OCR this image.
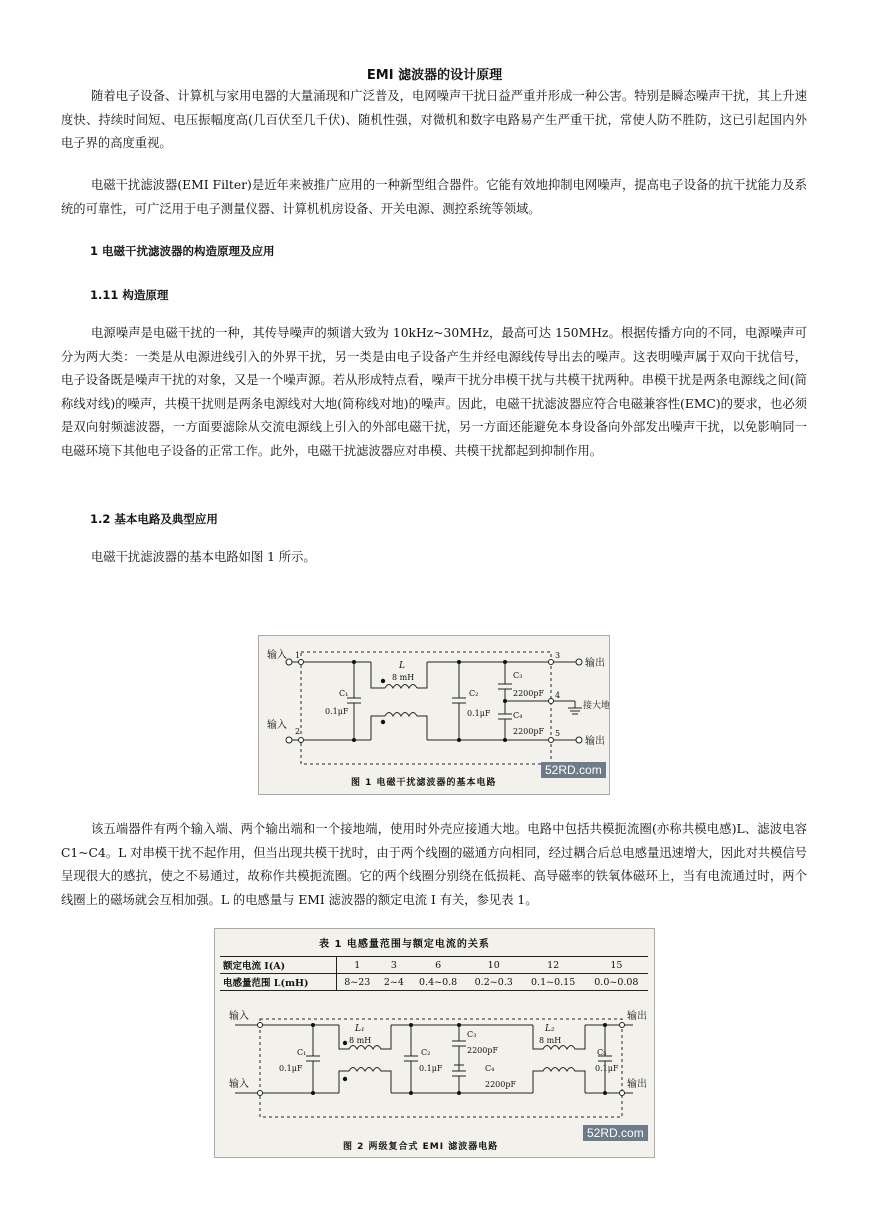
EMI 滤波器的设计原理

随着电子设备、计算机与家用电器的大量涌现和广泛普及，电网噪声干扰日益严重并形成一种公害。特别是瞬态噪声干扰，其上升速度快、持续时间短、电压振幅度高(几百伏至几千伏)、随机性强，对微机和数字电路易产生严重干扰，常使人防不胜防，这已引起国内外电子界的高度重视。

电磁干扰滤波器(EMI Filter)是近年来被推广应用的一种新型组合器件。它能有效地抑制电网噪声，提高电子设备的抗干扰能力及系统的可靠性，可广泛用于电子测量仪器、计算机机房设备、开关电源、测控系统等领域。

1 电磁干扰滤波器的构造原理及应用
1.11 构造原理

电源噪声是电磁干扰的一种，其传导噪声的频谱大致为 10kHz~30MHz，最高可达 150MHz。根据传播方向的不同，电源噪声可分为两大类：一类是从电源进线引入的外界干扰，另一类是由电子设备产生并经电源线传导出去的噪声。这表明噪声属于双向干扰信号，电子设备既是噪声干扰的对象，又是一个噪声源。若从形成特点看，噪声干扰分串模干扰与共模干扰两种。串模干扰是两条电源线之间(简称线对线)的噪声，共模干扰则是两条电源线对大地(简称线对地)的噪声。因此，电磁干扰滤波器应符合电磁兼容性(EMC)的要求，也必须是双向射频滤波器，一方面要滤除从交流电源线上引入的外部电磁干扰，另一方面还能避免本身设备向外部发出噪声干扰，以免影响同一电磁环境下其他电子设备的正常工作。此外，电磁干扰滤波器应对串模、共模干扰都起到抑制作用。

1.2 基本电路及典型应用

电磁干扰滤波器的基本电路如图 1 所示。

输入 1
输入
2
输出
输出
3
4
5
接大地
L
8 mH
C₁
0.1μF
C₂
0.1μF
C₃
2200pF
C₄
2200pF
52RD.com
图 1 电磁干扰滤波器的基本电路

该五端器件有两个输入端、两个输出端和一个接地端，使用时外壳应接通大地。电路中包括共模扼流圈(亦称共模电感)L、滤波电容 C1~C4。L 对串模干扰不起作用，但当出现共模干扰时，由于两个线圈的磁通方向相同，经过耦合后总电感量迅速增大，因此对共模信号呈现很大的感抗，使之不易通过，故称作共模扼流圈。它的两个线圈分别绕在低损耗、高导磁率的铁氧体磁环上，当有电流通过时，两个线圈上的磁场就会互相加强。L 的电感量与 EMI 滤波器的额定电流 I 有关，参见表 1。

表 1 电感量范围与额定电流的关系
额定电流 I(A)	1	3	6	10	12	15
电感量范围 L(mH)	8~23	2~4	0.4~0.8	0.2~0.3	0.1~0.15	0.0~0.08
输入
输入
输出
输出
L₁
8 mH
L₂
8 mH
C₁
0.1μF
C₂
0.1μF
C₃
2200pF
C₄
2200pF
C₅
0.1μF
52RD.com
图 2 两级复合式 EMI 滤波器电路
